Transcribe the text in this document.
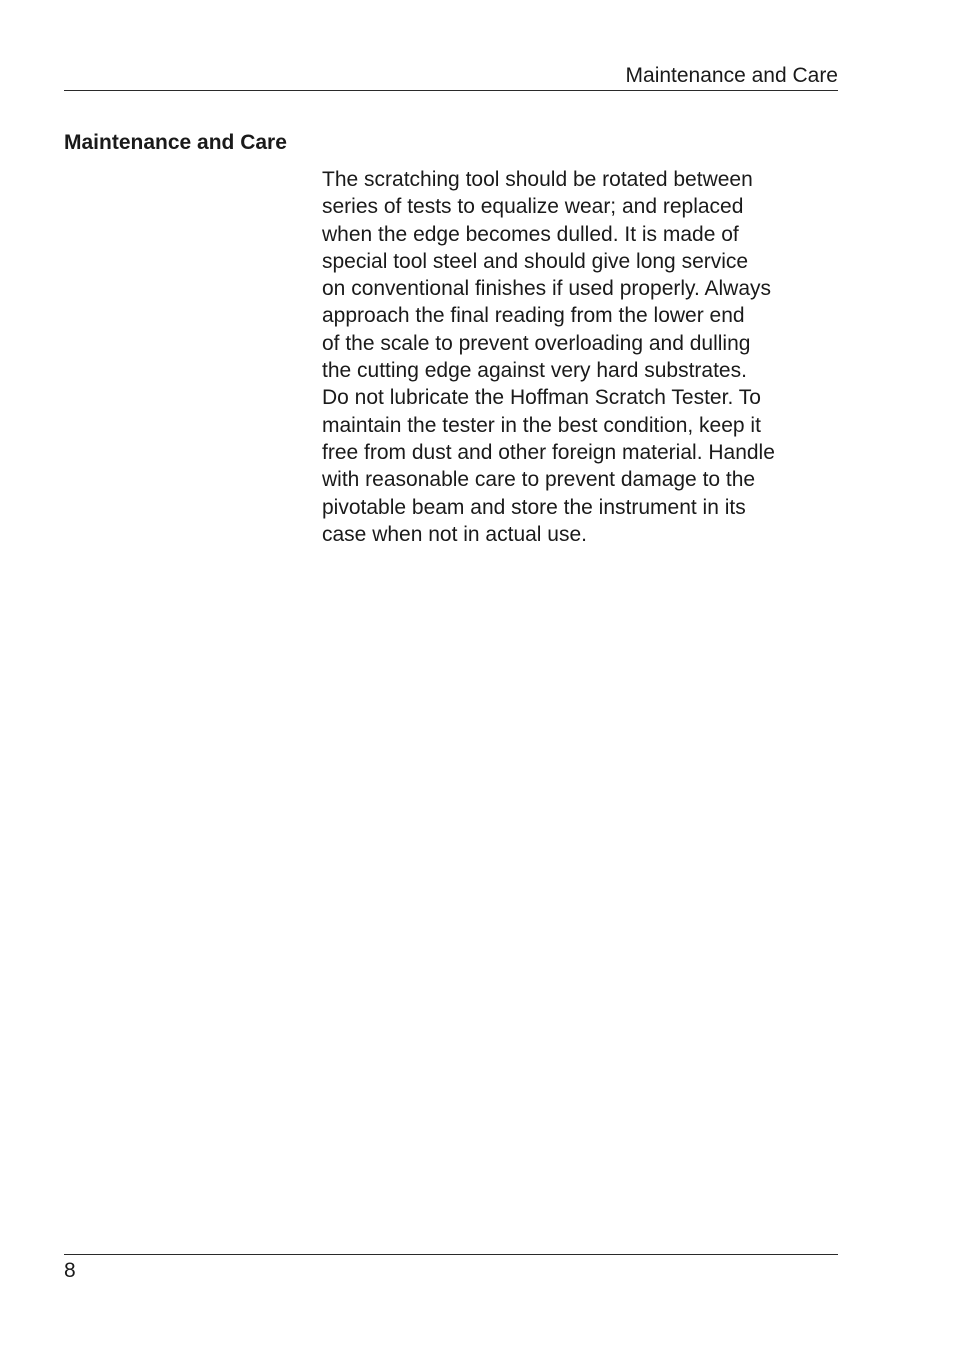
Maintenance and Care
Maintenance and Care
The scratching tool should be rotated between
series of tests to equalize wear; and replaced
when the edge becomes dulled. It is made of
special tool steel and should give long service
on conventional finishes if used properly. Always
approach the final reading from the lower end
of the scale to prevent overloading and dulling
the cutting edge against very hard substrates.
Do not lubricate the Hoffman Scratch Tester. To
maintain the tester in the best condition, keep it
free from dust and other foreign material. Handle
with reasonable care to prevent damage to the
pivotable beam and store the instrument in its
case when not in actual use.
8
